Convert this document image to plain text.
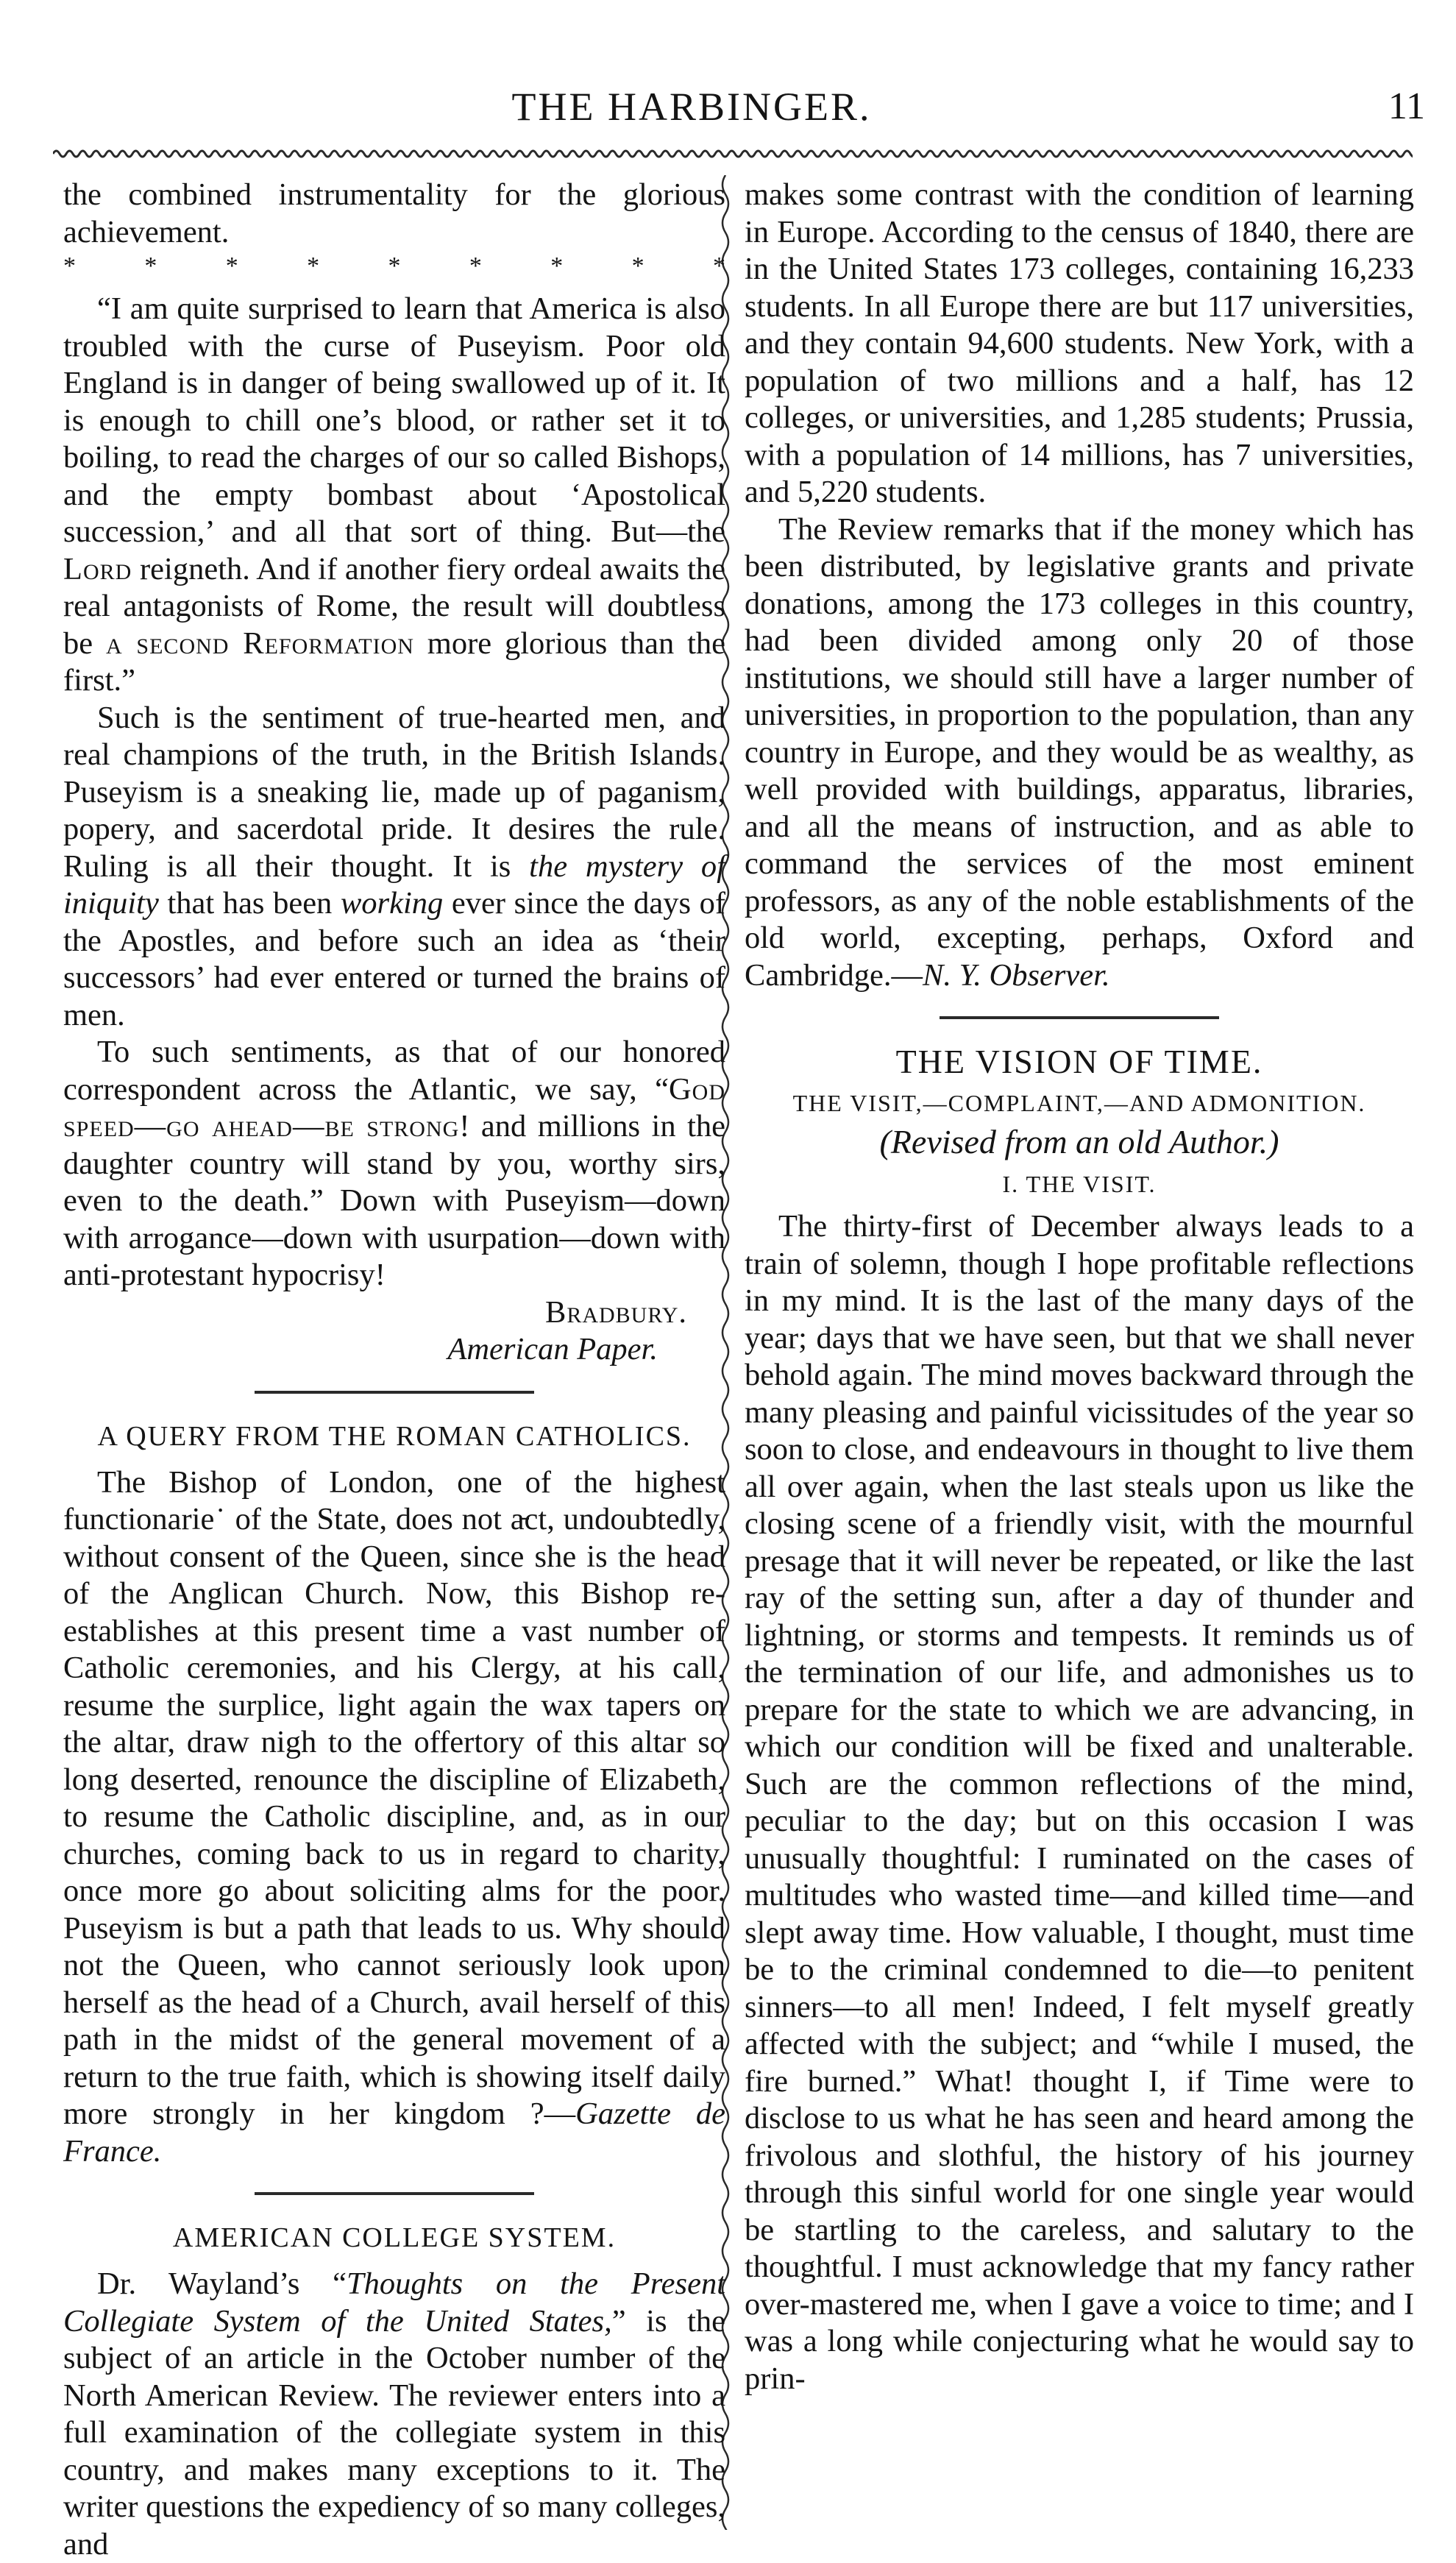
THE HARBINGER.	11

the combined instrumentality for the glorious achievement.

*	*	*	*	*	*	*	*	*

“I am quite surprised to learn that America is also troubled with the curse of Puseyism. Poor old England is in danger of being swallowed up of it. It is enough to chill one’s blood, or rather set it to boiling, to read the charges of our so called Bishops, and the empty bombast about ‘Apostolical succession,’ and all that sort of thing. But—the Lord reigneth. And if another fiery ordeal awaits the real antagonists of Rome, the result will doubtless be a second Reformation more glorious than the first.”

Such is the sentiment of true-hearted men, and real champions of the truth, in the British Islands. Puseyism is a sneaking lie, made up of paganism, popery, and sacerdotal pride. It desires the rule. Ruling is all their thought. It is the mystery of iniquity that has been working ever since the days of the Apostles, and before such an idea as ‘their successors’ had ever entered or turned the brains of men.

To such sentiments, as that of our honored correspondent across the Atlantic, we say, “God speed—go ahead—be strong! and millions in the daughter country will stand by you, worthy sirs, even to the death.” Down with Puseyism—down with arrogance—down with usurpation—down with anti-protestant hypocrisy!

Bradbury.

American Paper.

A QUERY FROM THE ROMAN CATHOLICS.

The Bishop of London, one of the highest functionarie˙ of the State, does not a̵ct, undoubtedly, without consent of the Queen, since she is the head of the Anglican Church. Now, this Bishop re-establishes at this present time a vast number of Catholic ceremonies, and his Clergy, at his call, resume the surplice, light again the wax tapers on the altar, draw nigh to the offertory of this altar so long deserted, renounce the discipline of Elizabeth, to resume the Catholic discipline, and, as in our churches, coming back to us in regard to charity, once more go about soliciting alms for the poor. Puseyism is but a path that leads to us. Why should not the Queen, who cannot seriously look upon herself as the head of a Church, avail herself of this path in the midst of the general movement of a return to the true faith, which is showing itself daily more strongly in her kingdom ?—Gazette de France.

AMERICAN COLLEGE SYSTEM.

Dr. Wayland’s “Thoughts on the Present Collegiate System of the United States,” is the subject of an article in the October number of the North American Review. The reviewer enters into a full examination of the collegiate system in this country, and makes many exceptions to it. The writer questions the expediency of so many colleges, and

makes some contrast with the condition of learning in Europe. According to the census of 1840, there are in the United States 173 colleges, containing 16,233 students. In all Europe there are but 117 universities, and they contain 94,600 students. New York, with a population of two millions and a half, has 12 colleges, or universities, and 1,285 students; Prussia, with a population of 14 millions, has 7 universities, and 5,220 students.

The Review remarks that if the money which has been distributed, by legislative grants and private donations, among the 173 colleges in this country, had been divided among only 20 of those institutions, we should still have a larger number of universities, in proportion to the population, than any country in Europe, and they would be as wealthy, as well provided with buildings, apparatus, libraries, and all the means of instruction, and as able to command the services of the most eminent professors, as any of the noble establishments of the old world, excepting, perhaps, Oxford and Cambridge.—N. Y. Observer.

THE VISION OF TIME.
THE VISIT,—COMPLAINT,—AND ADMONITION.
(Revised from an old Author.)
I. THE VISIT.

The thirty-first of December always leads to a train of solemn, though I hope profitable reflections in my mind. It is the last of the many days of the year; days that we have seen, but that we shall never behold again. The mind moves backward through the many pleasing and painful vicissitudes of the year so soon to close, and endeavours in thought to live them all over again, when the last steals upon us like the closing scene of a friendly visit, with the mournful presage that it will never be repeated, or like the last ray of the setting sun, after a day of thunder and lightning, or storms and tempests. It reminds us of the termination of our life, and admonishes us to prepare for the state to which we are advancing, in which our condition will be fixed and unalterable. Such are the common reflections of the mind, peculiar to the day; but on this occasion I was unusually thoughtful: I ruminated on the cases of multitudes who wasted time—and killed time—and slept away time. How valuable, I thought, must time be to the criminal condemned to die—to penitent sinners—to all men! Indeed, I felt myself greatly affected with the subject; and “while I mused, the fire burned.” What! thought I, if Time were to disclose to us what he has seen and heard among the frivolous and slothful, the history of his journey through this sinful world for one single year would be startling to the careless, and salutary to the thoughtful. I must acknowledge that my fancy rather over-mastered me, when I gave a voice to time; and I was a long while conjecturing what he would say to prin-
